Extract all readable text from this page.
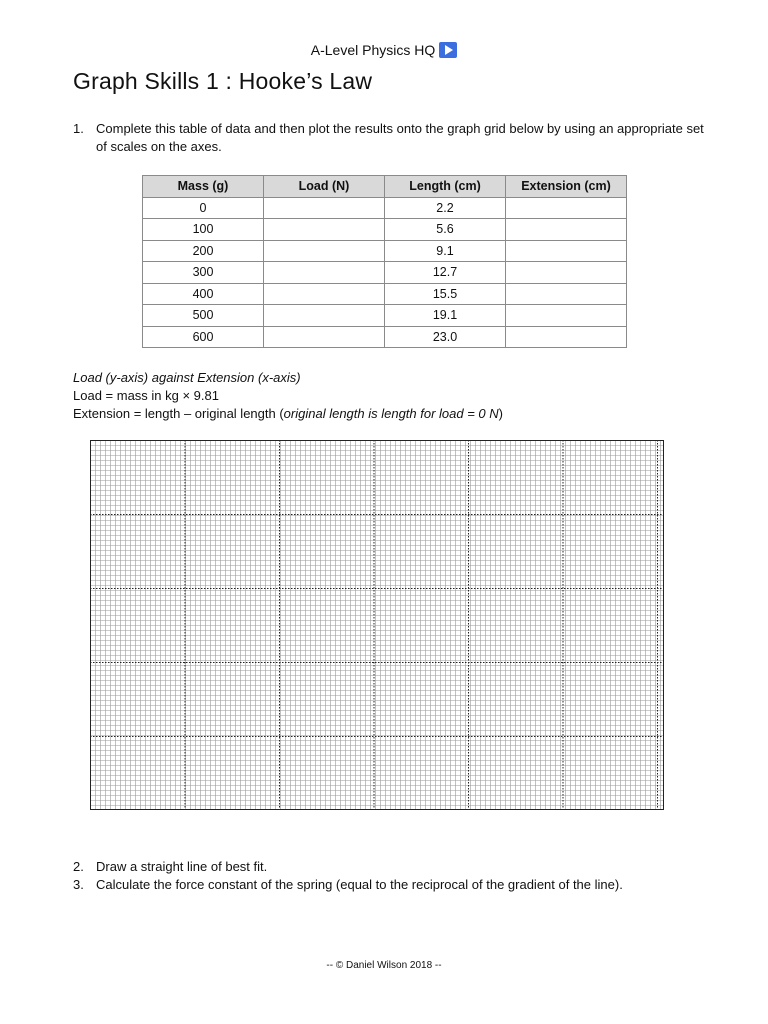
A-Level Physics HQ
Graph Skills 1 : Hooke’s Law
1. Complete this table of data and then plot the results onto the graph grid below by using an appropriate set of scales on the axes.
Mass (g)	Load (N)	Length (cm)	Extension (cm)
0		2.2	
100		5.6	
200		9.1	
300		12.7	
400		15.5	
500		19.1	
600		23.0	
Load (y-axis) against Extension (x-axis)
Load = mass in kg × 9.81
Extension = length – original length (original length is length for load = 0 N)
2. Draw a straight line of best fit.
3. Calculate the force constant of the spring (equal to the reciprocal of the gradient of the line).
-- © Daniel Wilson 2018 --
